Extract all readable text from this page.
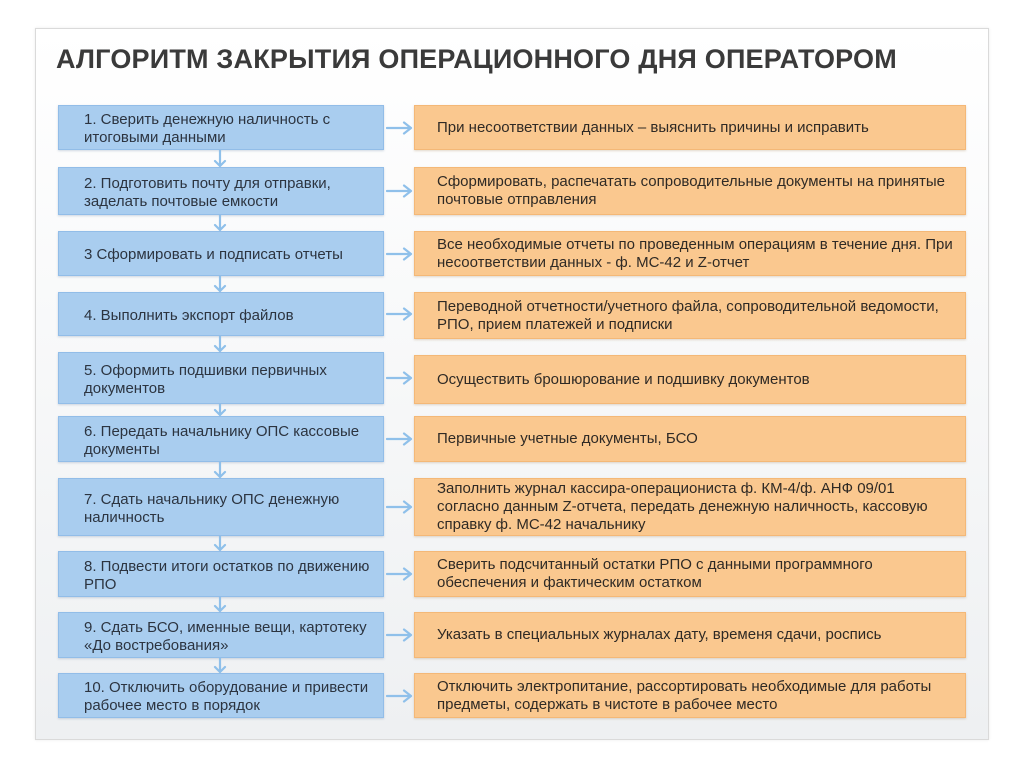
АЛГОРИТМ ЗАКРЫТИЯ ОПЕРАЦИОННОГО ДНЯ ОПЕРАТОРОМ
1. Сверить денежную наличность с итоговыми данными
При несоответствии данных – выяснить причины и исправить
2. Подготовить почту для отправки, заделать почтовые емкости
Сформировать, распечатать сопроводительные документы на принятые почтовые отправления
3 Сформировать и подписать отчеты
Все необходимые отчеты по проведенным операциям в течение дня. При несоответствии данных - ф. МС-42 и Z-отчет
4. Выполнить экспорт файлов
Переводной отчетности/учетного файла, сопроводительной ведомости, РПО, прием платежей и подписки
5. Оформить подшивки первичных документов
Осуществить брошюрование и подшивку документов
6. Передать начальнику ОПС кассовые документы
Первичные учетные документы, БСО
7. Сдать начальнику ОПС денежную наличность
Заполнить журнал кассира-операциониста ф. КМ-4/ф. АНФ 09/01 согласно данным Z-отчета, передать денежную наличность, кассовую справку ф. МС-42 начальнику
8. Подвести итоги остатков по движению РПО
Сверить подсчитанный остатки РПО с данными программного обеспечения и фактическим остатком
9. Сдать БСО, именные вещи, картотеку «До востребования»
Указать в специальных журналах дату, временя сдачи, роспись
10. Отключить оборудование и привести рабочее место в порядок
Отключить электропитание, рассортировать необходимые для работы предметы, содержать в чистоте в рабочее место
